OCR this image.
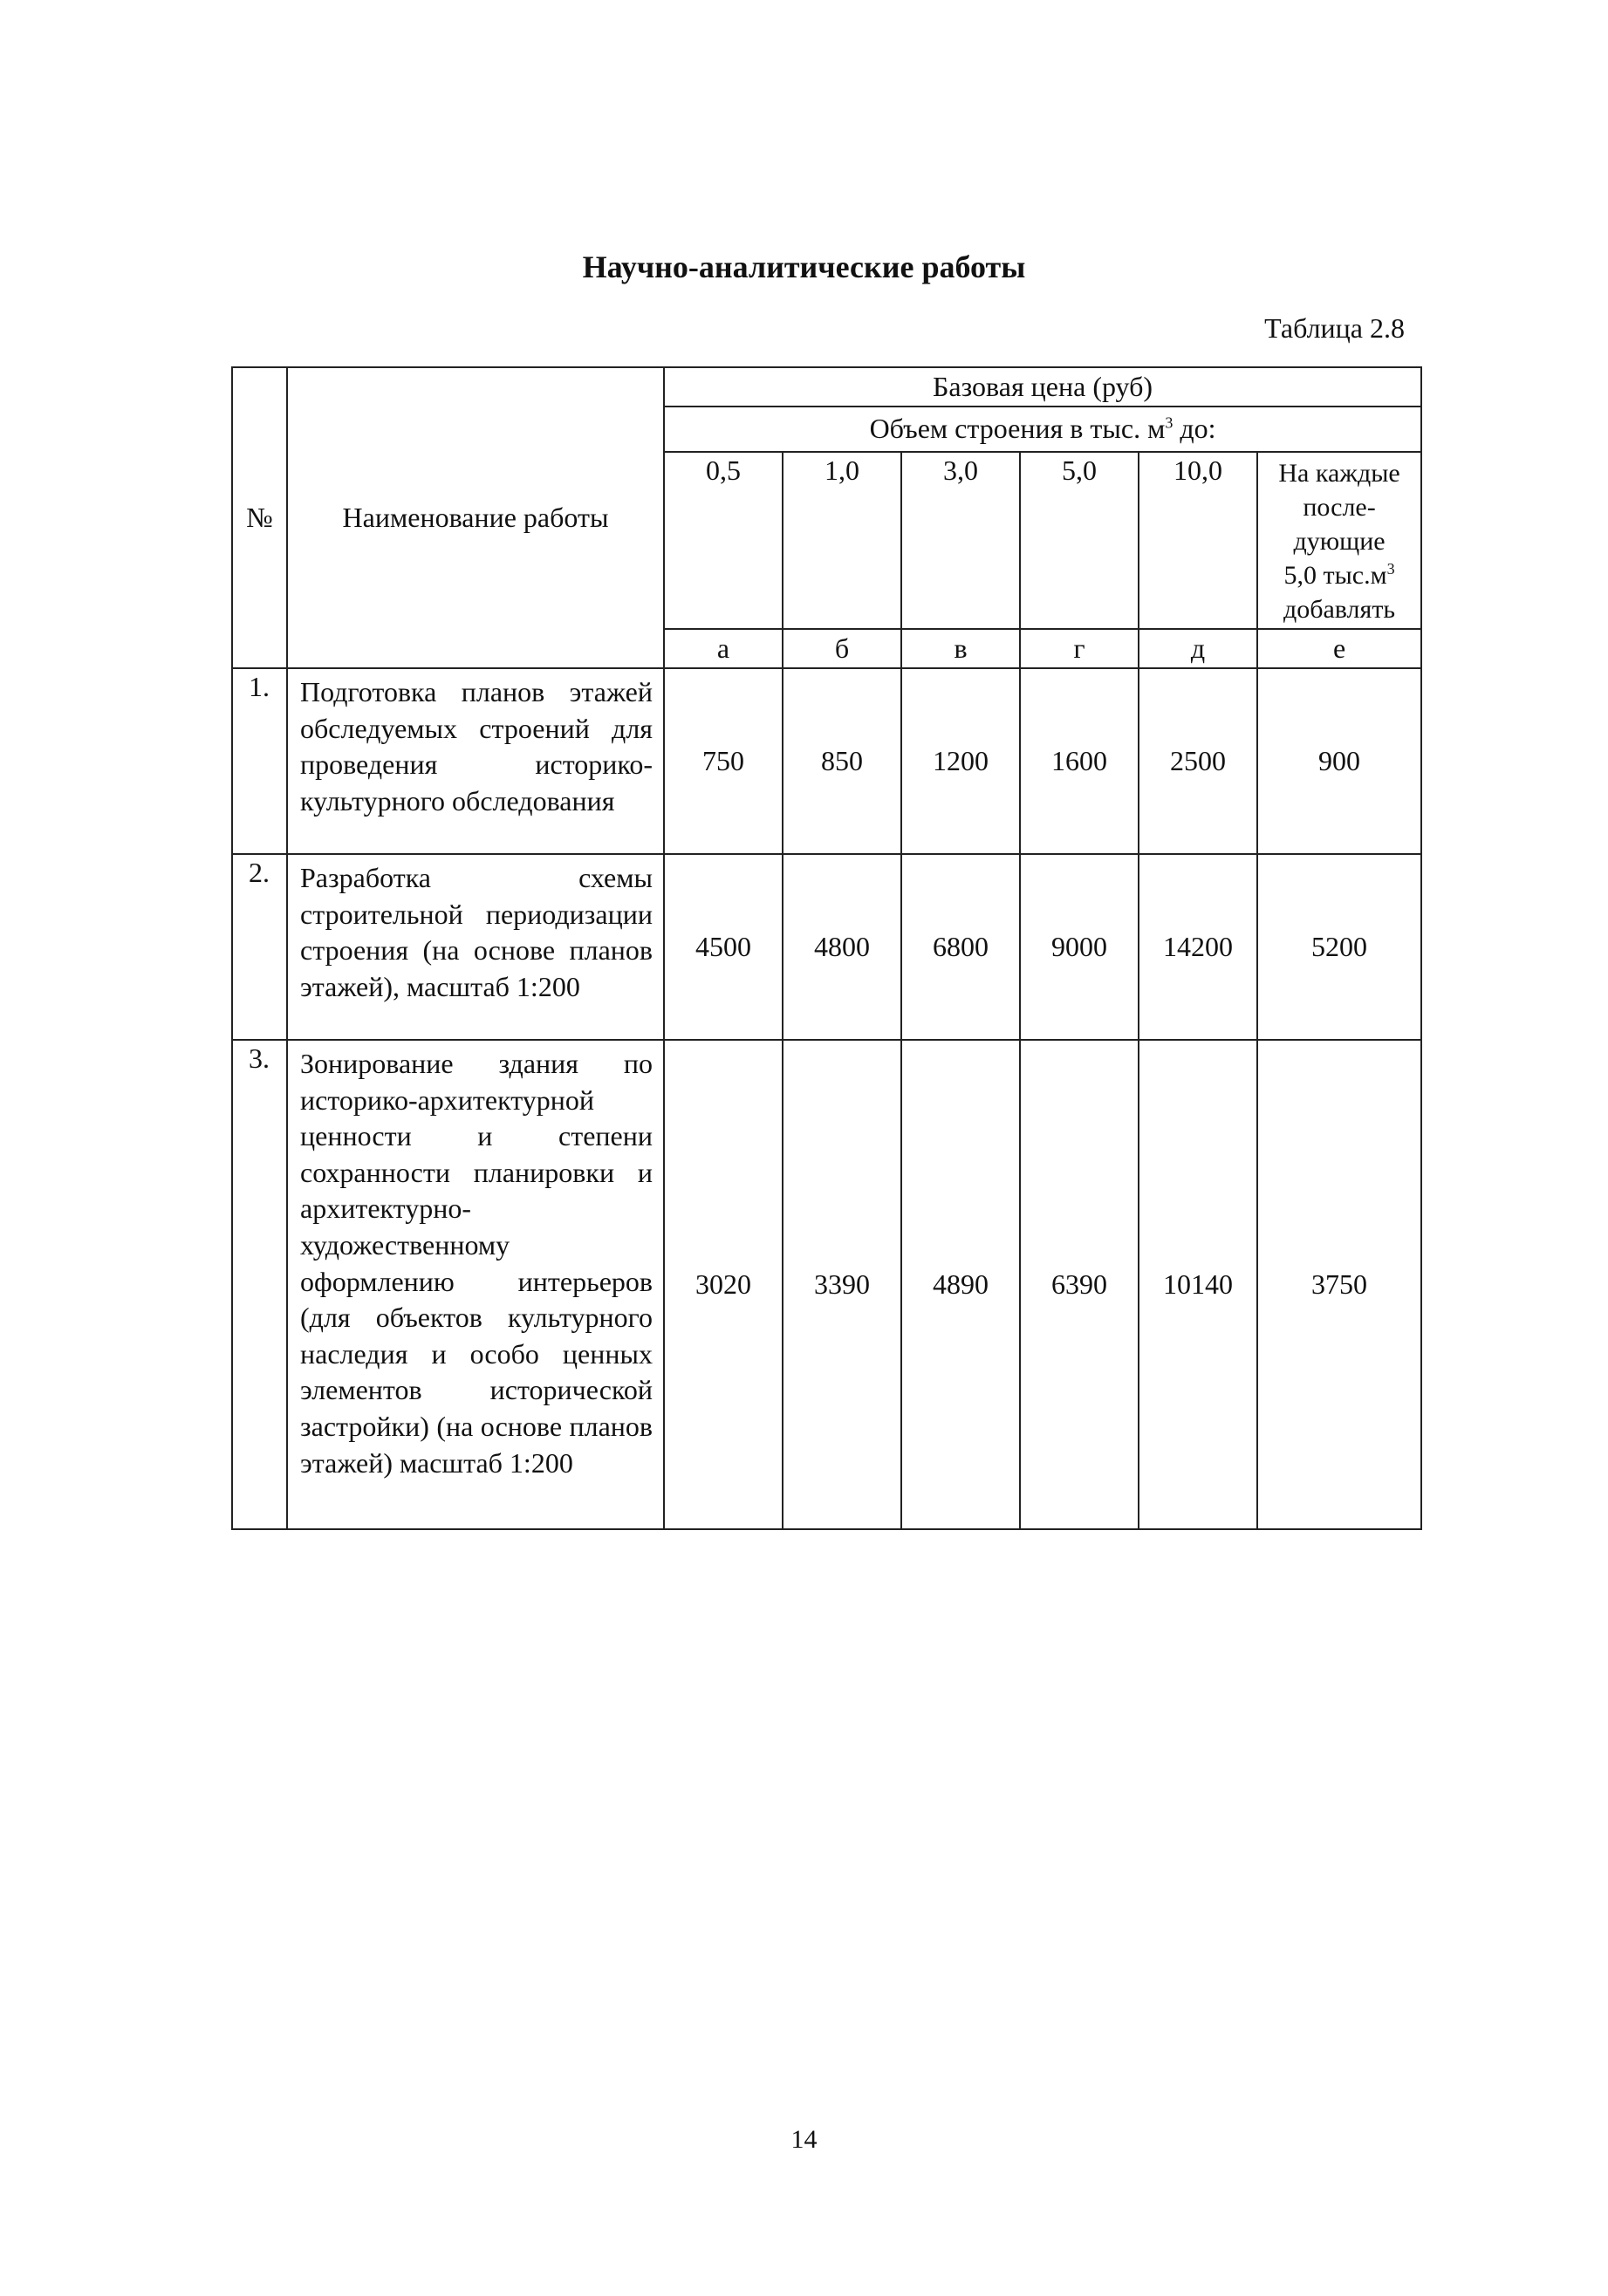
Научно-аналитические работы

Таблица 2.8

№	Наименование работы	Базовая цена (руб)					
		Объем строения в тыс. $м^3$ до:					
		0,5	1,0	3,0	5,0	10,0	На каждые
после-
дующие
5,0 $тыс.м^3$
добавлять

		а	б	в	г	д	е
1.	Подготовка планов этажей обследуемых строений для проведения историко-культурного обследования	750	850	1200	1600	2500	900
2.	Разработка схемы строительной периодизации строения (на основе планов этажей), масштаб 1:200	4500	4800	6800	9000	14200	5200
3.	Зонирование здания по историко-архитектурной ценности и степени сохранности планировки и архитектурно-художественному оформлению интерьеров (для объектов культурного наследия и особо ценных элементов исторической застройки) (на основе планов этажей) масштаб 1:200	3020	3390	4890	6390	10140	3750

14
